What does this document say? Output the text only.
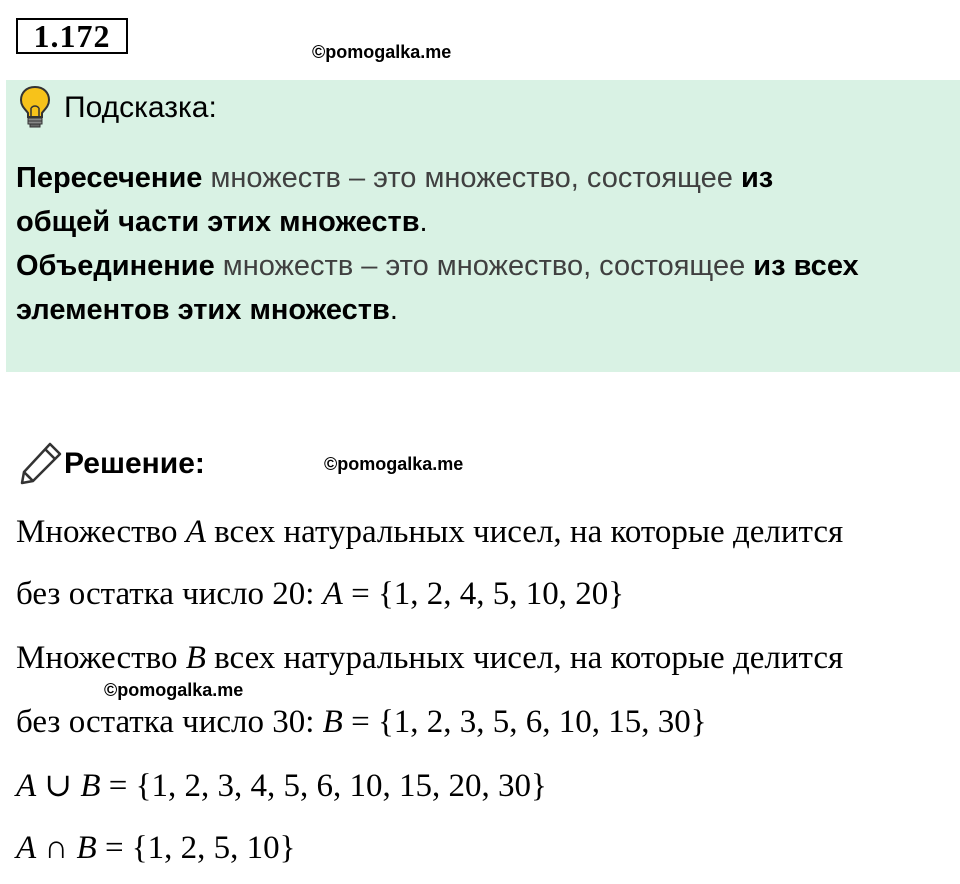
1.172	©pomogalka.me
Подсказка:
Пересечение множеств – это множество, состоящее из
общей части этих множеств.
Объединение множеств – это множество, состоящее из всех
элементов этих множеств.
Решение:	©pomogalka.me
Множество A всех натуральных чисел, на которые делится
без остатка число 20: A = {1, 2, 4, 5, 10, 20}
Множество B всех натуральных чисел, на которые делится
©pomogalka.me
без остатка число 30: B = {1, 2, 3, 5, 6, 10, 15, 30}
A ∪ B = {1, 2, 3, 4, 5, 6, 10, 15, 20, 30}
A ∩ B = {1, 2, 5, 10}
